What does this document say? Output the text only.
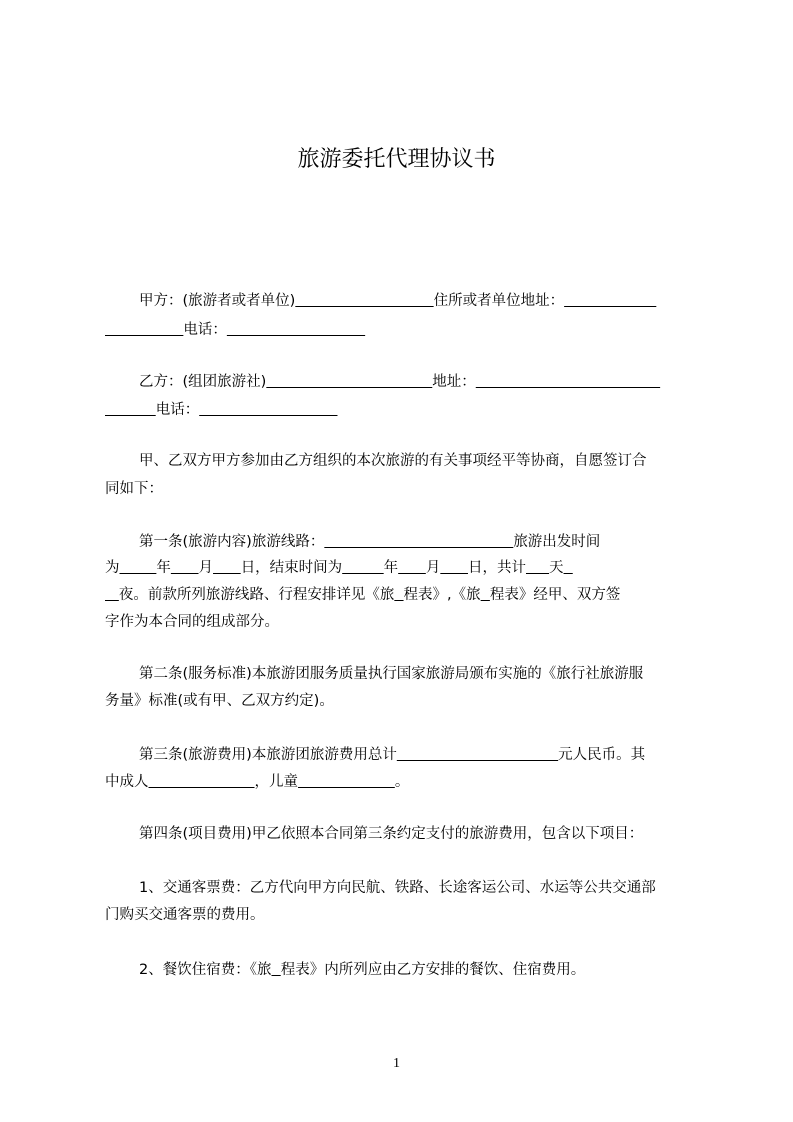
旅游委托代理协议书
甲方：(旅游者或者单位)	住所或者单位地址：
电话：
乙方：(组团旅游社)	地址：
电话：
甲、乙双方甲方参加由乙方组织的本次旅游的有关事项经平等协商，自愿签订合
同如下：
第一条(旅游内容)旅游线路：	旅游出发时间
为	年 月 日，结束时间为	年 月 日，共计 天
夜。前款所列旅游线路、行程安排详见《旅 程表》,《旅 程表》经甲、双方签
字作为本合同的组成部分。
第二条(服务标准)本旅游团服务质量执行国家旅游局颁布实施的《旅行社旅游服
务量》标准(或有甲、乙双方约定)。
第三条(旅游费用)本旅游团旅游费用总计	元人民币。其
中成人	，儿童	。
第四条(项目费用)甲乙依照本合同第三条约定支付的旅游费用，包含以下项目：
1、交通客票费：乙方代向甲方向民航、铁路、长途客运公司、水运等公共交通部
门购买交通客票的费用。
2、餐饮住宿费：《旅 程表》内所列应由乙方安排的餐饮、住宿费用。
1
